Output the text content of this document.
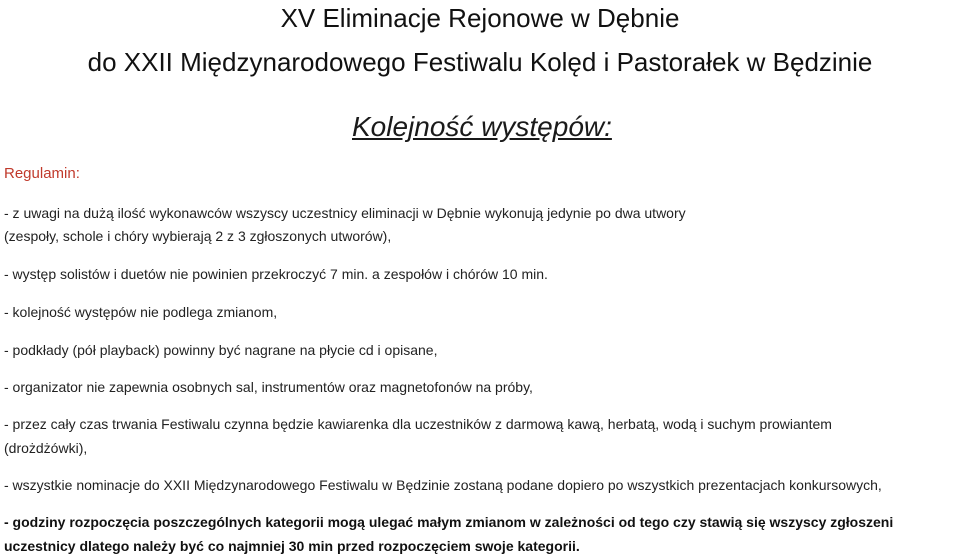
XV Eliminacje Rejonowe w Dębnie
do XXII Międzynarodowego Festiwalu Kolęd i Pastorałek w Będzinie
Kolejność występów:
Regulamin:
- z uwagi na dużą ilość wykonawców wszyscy uczestnicy eliminacji w Dębnie wykonują jedynie po dwa utwory
(zespoły, schole i chóry wybierają 2 z 3 zgłoszonych utworów),
- występ solistów i duetów nie powinien przekroczyć 7 min. a zespołów i chórów 10 min.
- kolejność występów nie podlega zmianom,
- podkłady (pół playback) powinny być nagrane na płycie cd i opisane,
- organizator nie zapewnia osobnych sal, instrumentów oraz magnetofonów na próby,
- przez cały czas trwania Festiwalu czynna będzie kawiarenka dla uczestników z darmową kawą, herbatą, wodą i suchym prowiantem
(drożdżówki),
- wszystkie nominacje do XXII Międzynarodowego Festiwalu w Będzinie zostaną podane dopiero po wszystkich prezentacjach konkursowych,
- godziny rozpoczęcia poszczególnych kategorii mogą ulegać małym zmianom w zależności od tego czy stawią się wszyscy zgłoszeni
uczestnicy dlatego należy być co najmniej 30 min przed rozpoczęciem swoje kategorii.
